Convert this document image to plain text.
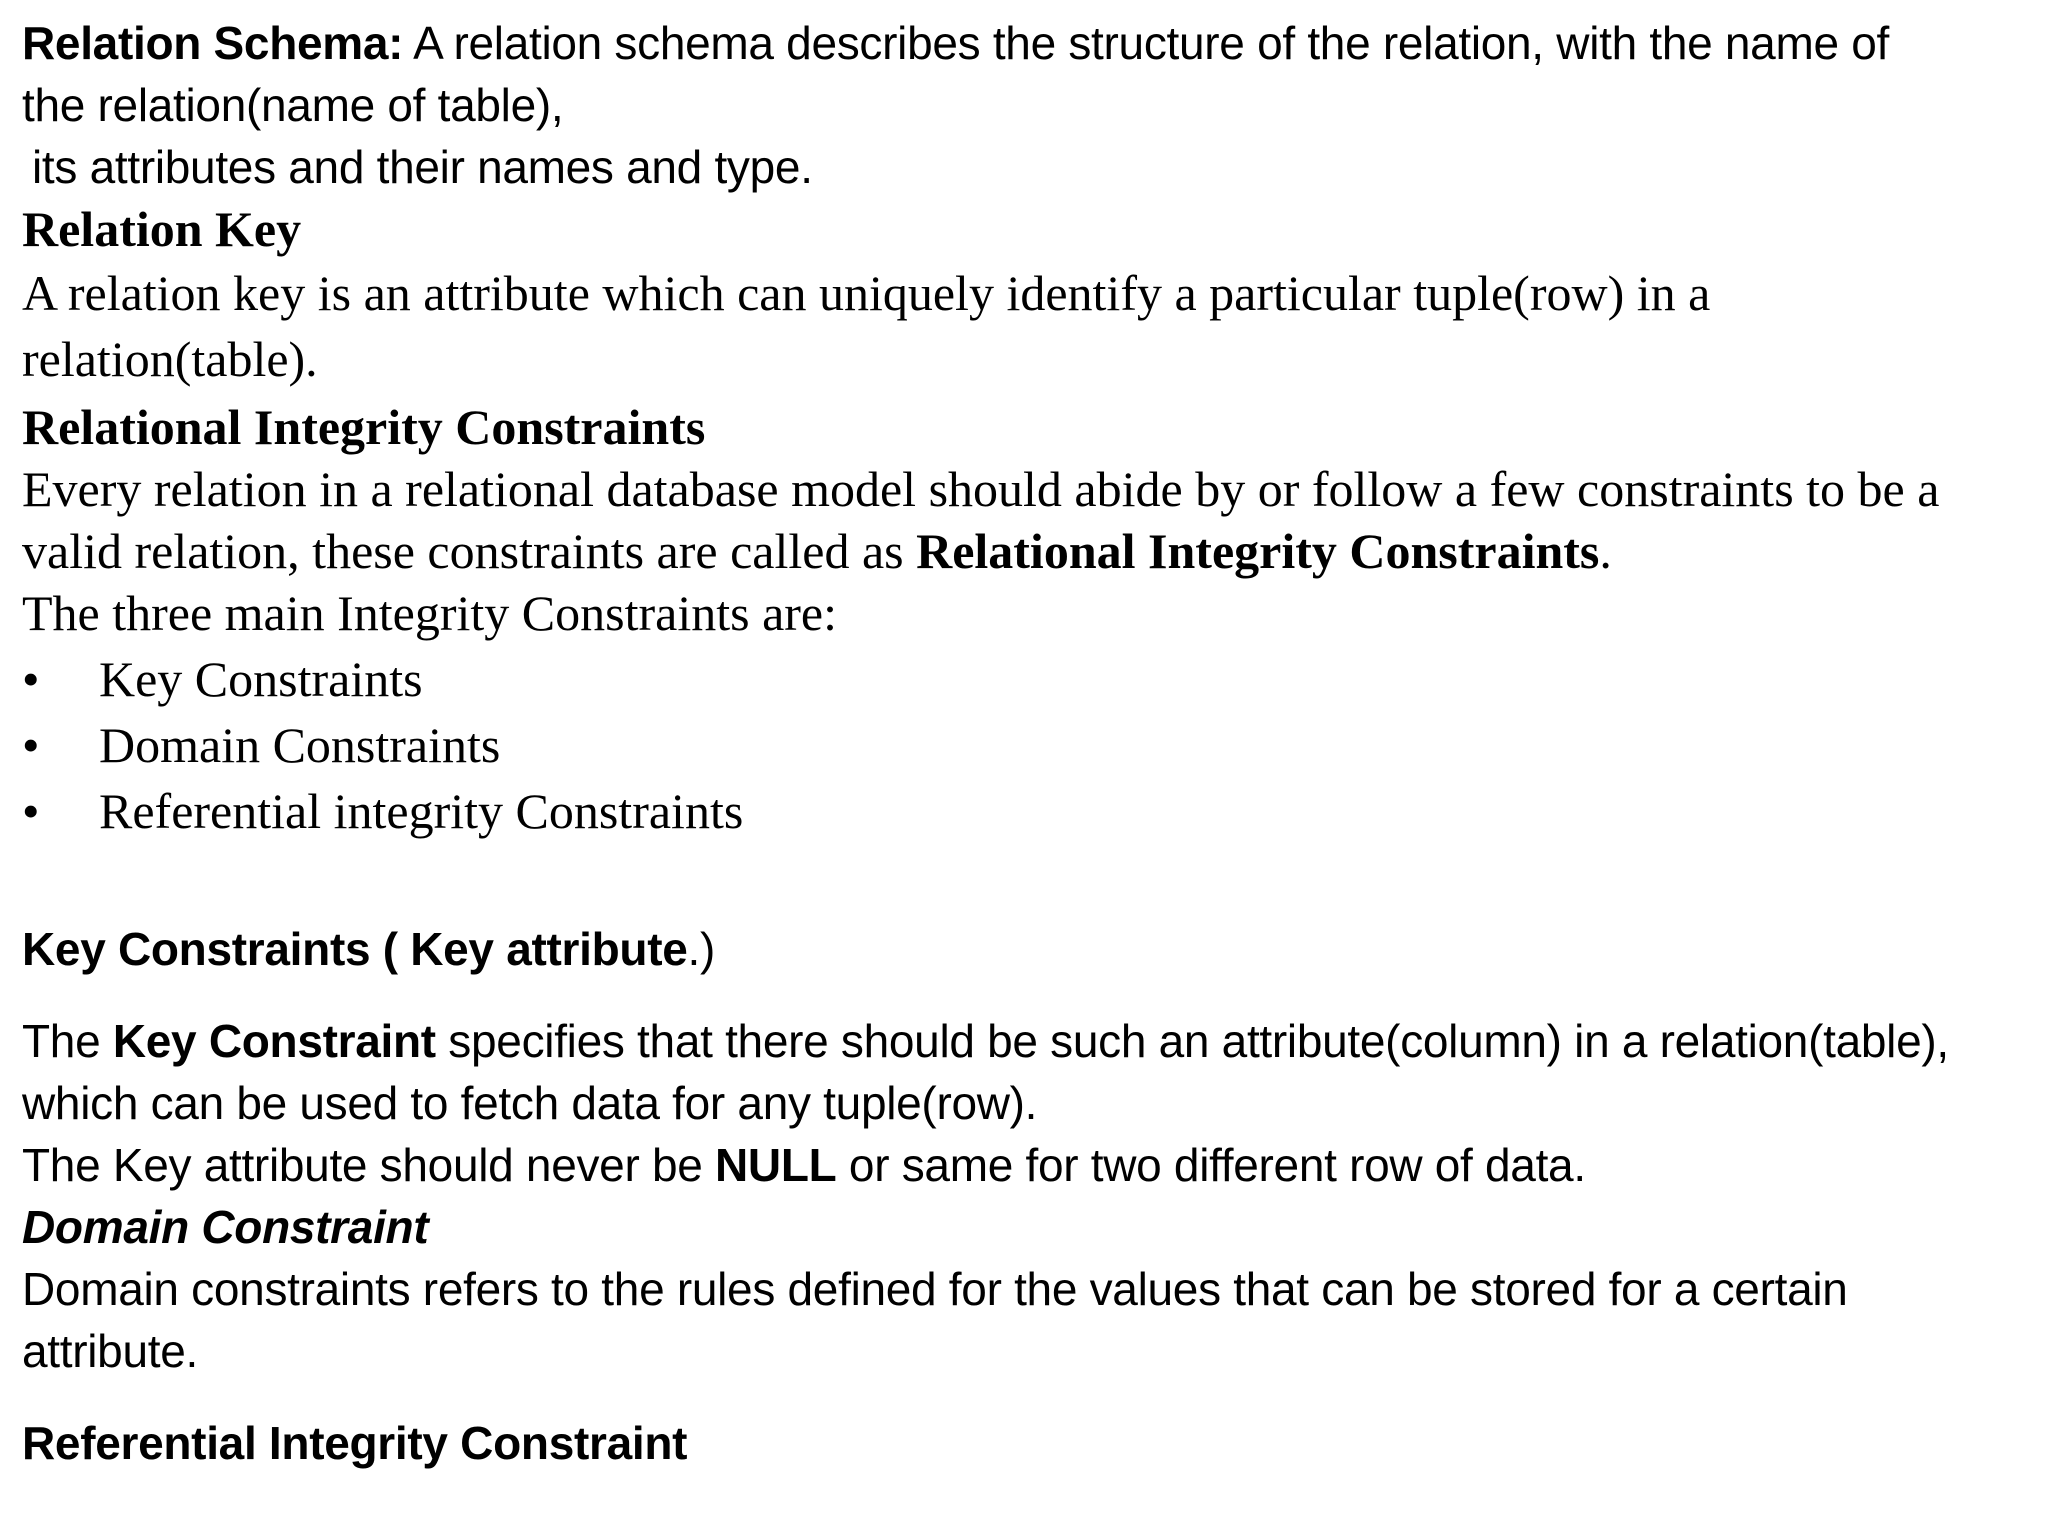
Relation Schema: A relation schema describes the structure of the relation, with the name of
the relation(name of table),
its attributes and their names and type.

Relation Key
A relation key is an attribute which can uniquely identify a particular tuple(row) in a
relation(table).
Relational Integrity Constraints
Every relation in a relational database model should abide by or follow a few constraints to be a
valid relation, these constraints are called as Relational Integrity Constraints.
The three main Integrity Constraints are:
• Key Constraints
• Domain Constraints
• Referential integrity Constraints

Key Constraints ( Key attribute.)

The Key Constraint specifies that there should be such an attribute(column) in a relation(table),
which can be used to fetch data for any tuple(row).
The Key attribute should never be NULL or same for two different row of data.
Domain Constraint
Domain constraints refers to the rules defined for the values that can be stored for a certain
attribute.

Referential Integrity Constraint
